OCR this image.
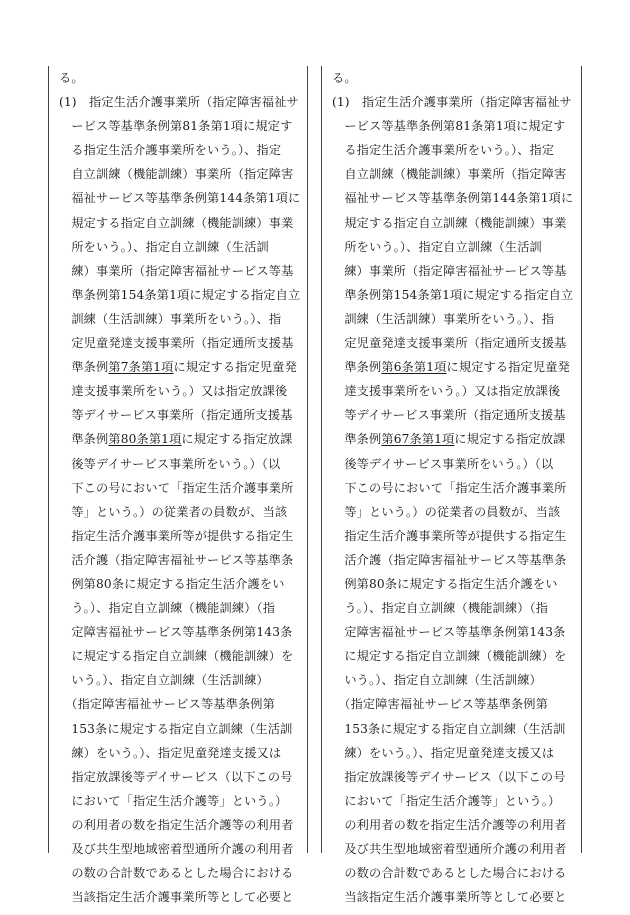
る。
(1)　指定生活介護事業所（指定障害福祉サ
　ービス等基準条例第81条第1項に規定す
　る指定生活介護事業所をいう。）、指定
　自立訓練（機能訓練）事業所（指定障害
　福祉サービス等基準条例第144条第1項に
　規定する指定自立訓練（機能訓練）事業
　所をいう。）、指定自立訓練（生活訓
　練）事業所（指定障害福祉サービス等基
　準条例第154条第1項に規定する指定自立
　訓練（生活訓練）事業所をいう。）、指
　定児童発達支援事業所（指定通所支援基
　準条例第7条第1項に規定する指定児童発
　達支援事業所をいう。）又は指定放課後
　等デイサービス事業所（指定通所支援基
　準条例第80条第1項に規定する指定放課
　後等デイサービス事業所をいう。）（以
　下この号において「指定生活介護事業所
　等」という。）の従業者の員数が、当該
　指定生活介護事業所等が提供する指定生
　活介護（指定障害福祉サービス等基準条
　例第80条に規定する指定生活介護をい
　う。）、指定自立訓練（機能訓練）（指
　定障害福祉サービス等基準条例第143条
　に規定する指定自立訓練（機能訓練）を
　いう。）、指定自立訓練（生活訓練）
　（指定障害福祉サービス等基準条例第
　153条に規定する指定自立訓練（生活訓
　練）をいう。）、指定児童発達支援又は
　指定放課後等デイサービス（以下この号
　において「指定生活介護等」という。）
　の利用者の数を指定生活介護等の利用者
　及び共生型地域密着型通所介護の利用者
　の数の合計数であるとした場合における
　当該指定生活介護事業所等として必要と
る。
(1)　指定生活介護事業所（指定障害福祉サ
　ービス等基準条例第81条第1項に規定す
　る指定生活介護事業所をいう。）、指定
　自立訓練（機能訓練）事業所（指定障害
　福祉サービス等基準条例第144条第1項に
　規定する指定自立訓練（機能訓練）事業
　所をいう。）、指定自立訓練（生活訓
　練）事業所（指定障害福祉サービス等基
　準条例第154条第1項に規定する指定自立
　訓練（生活訓練）事業所をいう。）、指
　定児童発達支援事業所（指定通所支援基
　準条例第6条第1項に規定する指定児童発
　達支援事業所をいう。）又は指定放課後
　等デイサービス事業所（指定通所支援基
　準条例第67条第1項に規定する指定放課
　後等デイサービス事業所をいう。）（以
　下この号において「指定生活介護事業所
　等」という。）の従業者の員数が、当該
　指定生活介護事業所等が提供する指定生
　活介護（指定障害福祉サービス等基準条
　例第80条に規定する指定生活介護をい
　う。）、指定自立訓練（機能訓練）（指
　定障害福祉サービス等基準条例第143条
　に規定する指定自立訓練（機能訓練）を
　いう。）、指定自立訓練（生活訓練）
　（指定障害福祉サービス等基準条例第
　153条に規定する指定自立訓練（生活訓
　練）をいう。）、指定児童発達支援又は
　指定放課後等デイサービス（以下この号
　において「指定生活介護等」という。）
　の利用者の数を指定生活介護等の利用者
　及び共生型地域密着型通所介護の利用者
　の数の合計数であるとした場合における
　当該指定生活介護事業所等として必要と
